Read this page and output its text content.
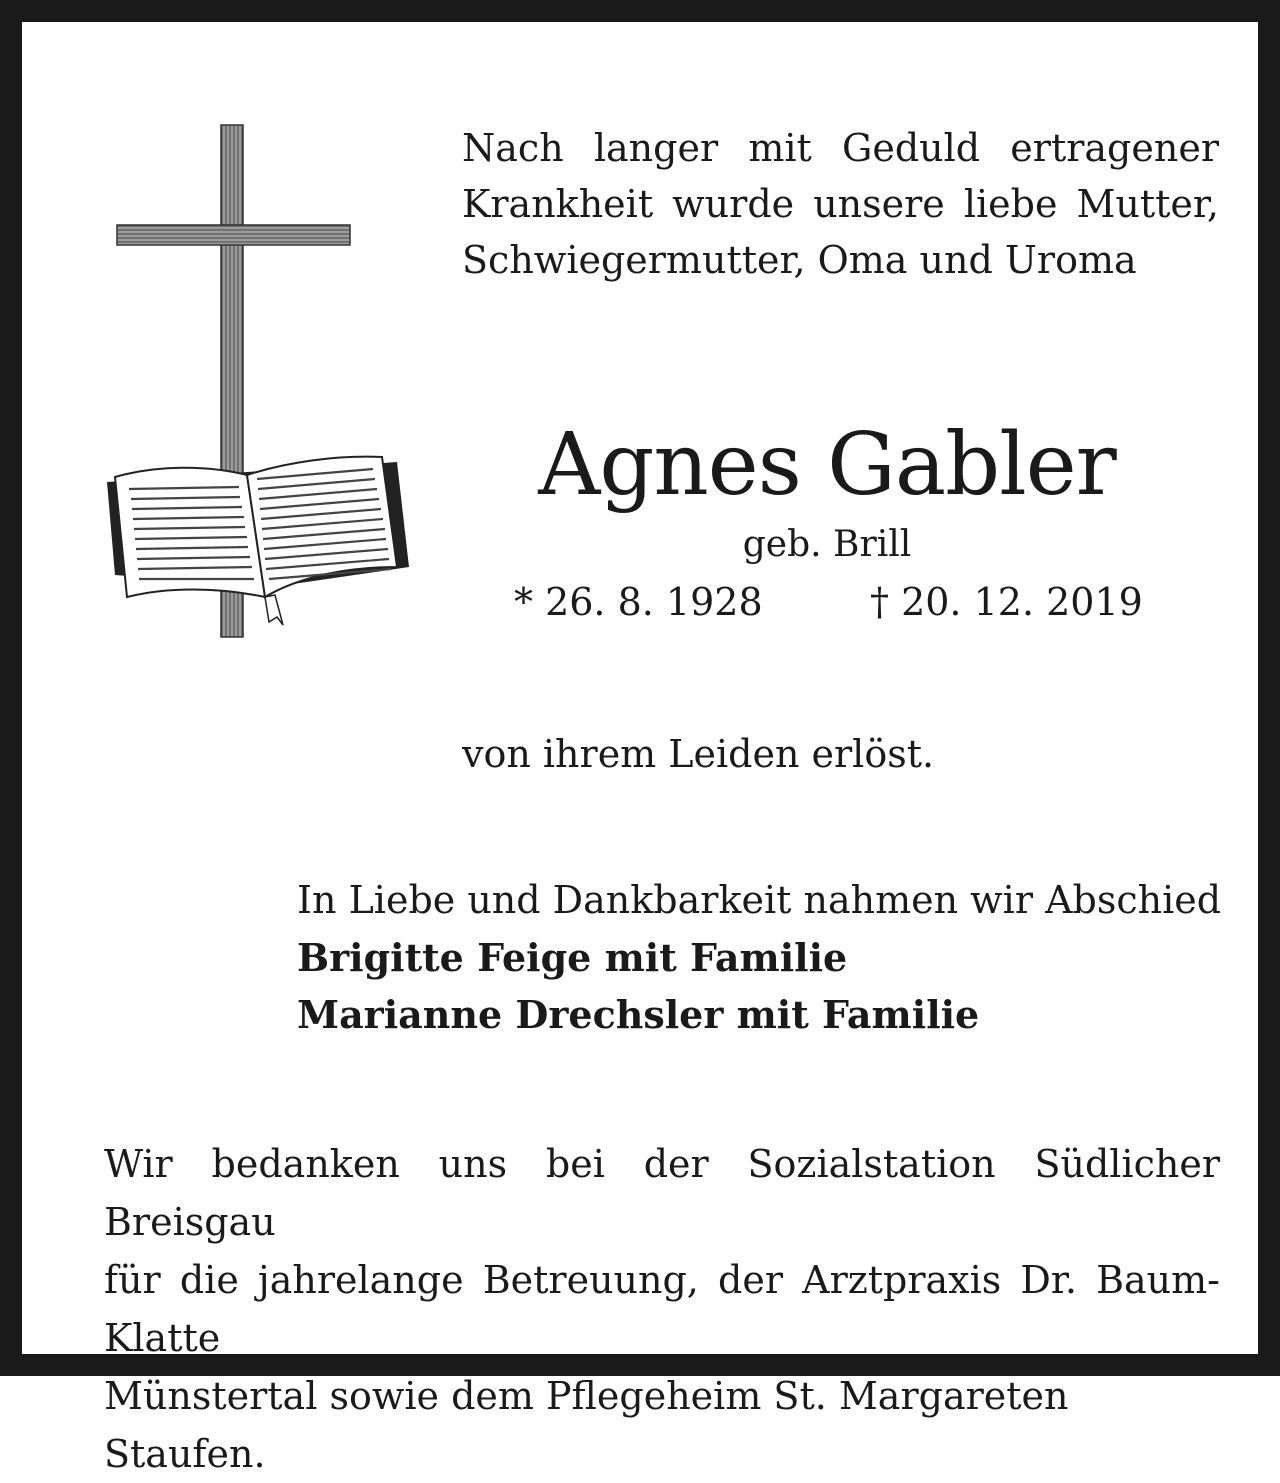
Nach langer mit Geduld ertragener
Krankheit wurde unsere liebe Mutter,
Schwiegermutter, Oma und Uroma
Agnes Gabler
geb. Brill
* 26. 8. 1928	† 20. 12. 2019
von ihrem Leiden erlöst.
In Liebe und Dankbarkeit nahmen wir Abschied
Brigitte Feige mit Familie
Marianne Drechsler mit Familie
Wir bedanken uns bei der Sozialstation Südlicher Breisgau
für die jahrelange Betreuung, der Arztpraxis Dr. Baum-Klatte
Münstertal sowie dem Pflegeheim St. Margareten Staufen.
